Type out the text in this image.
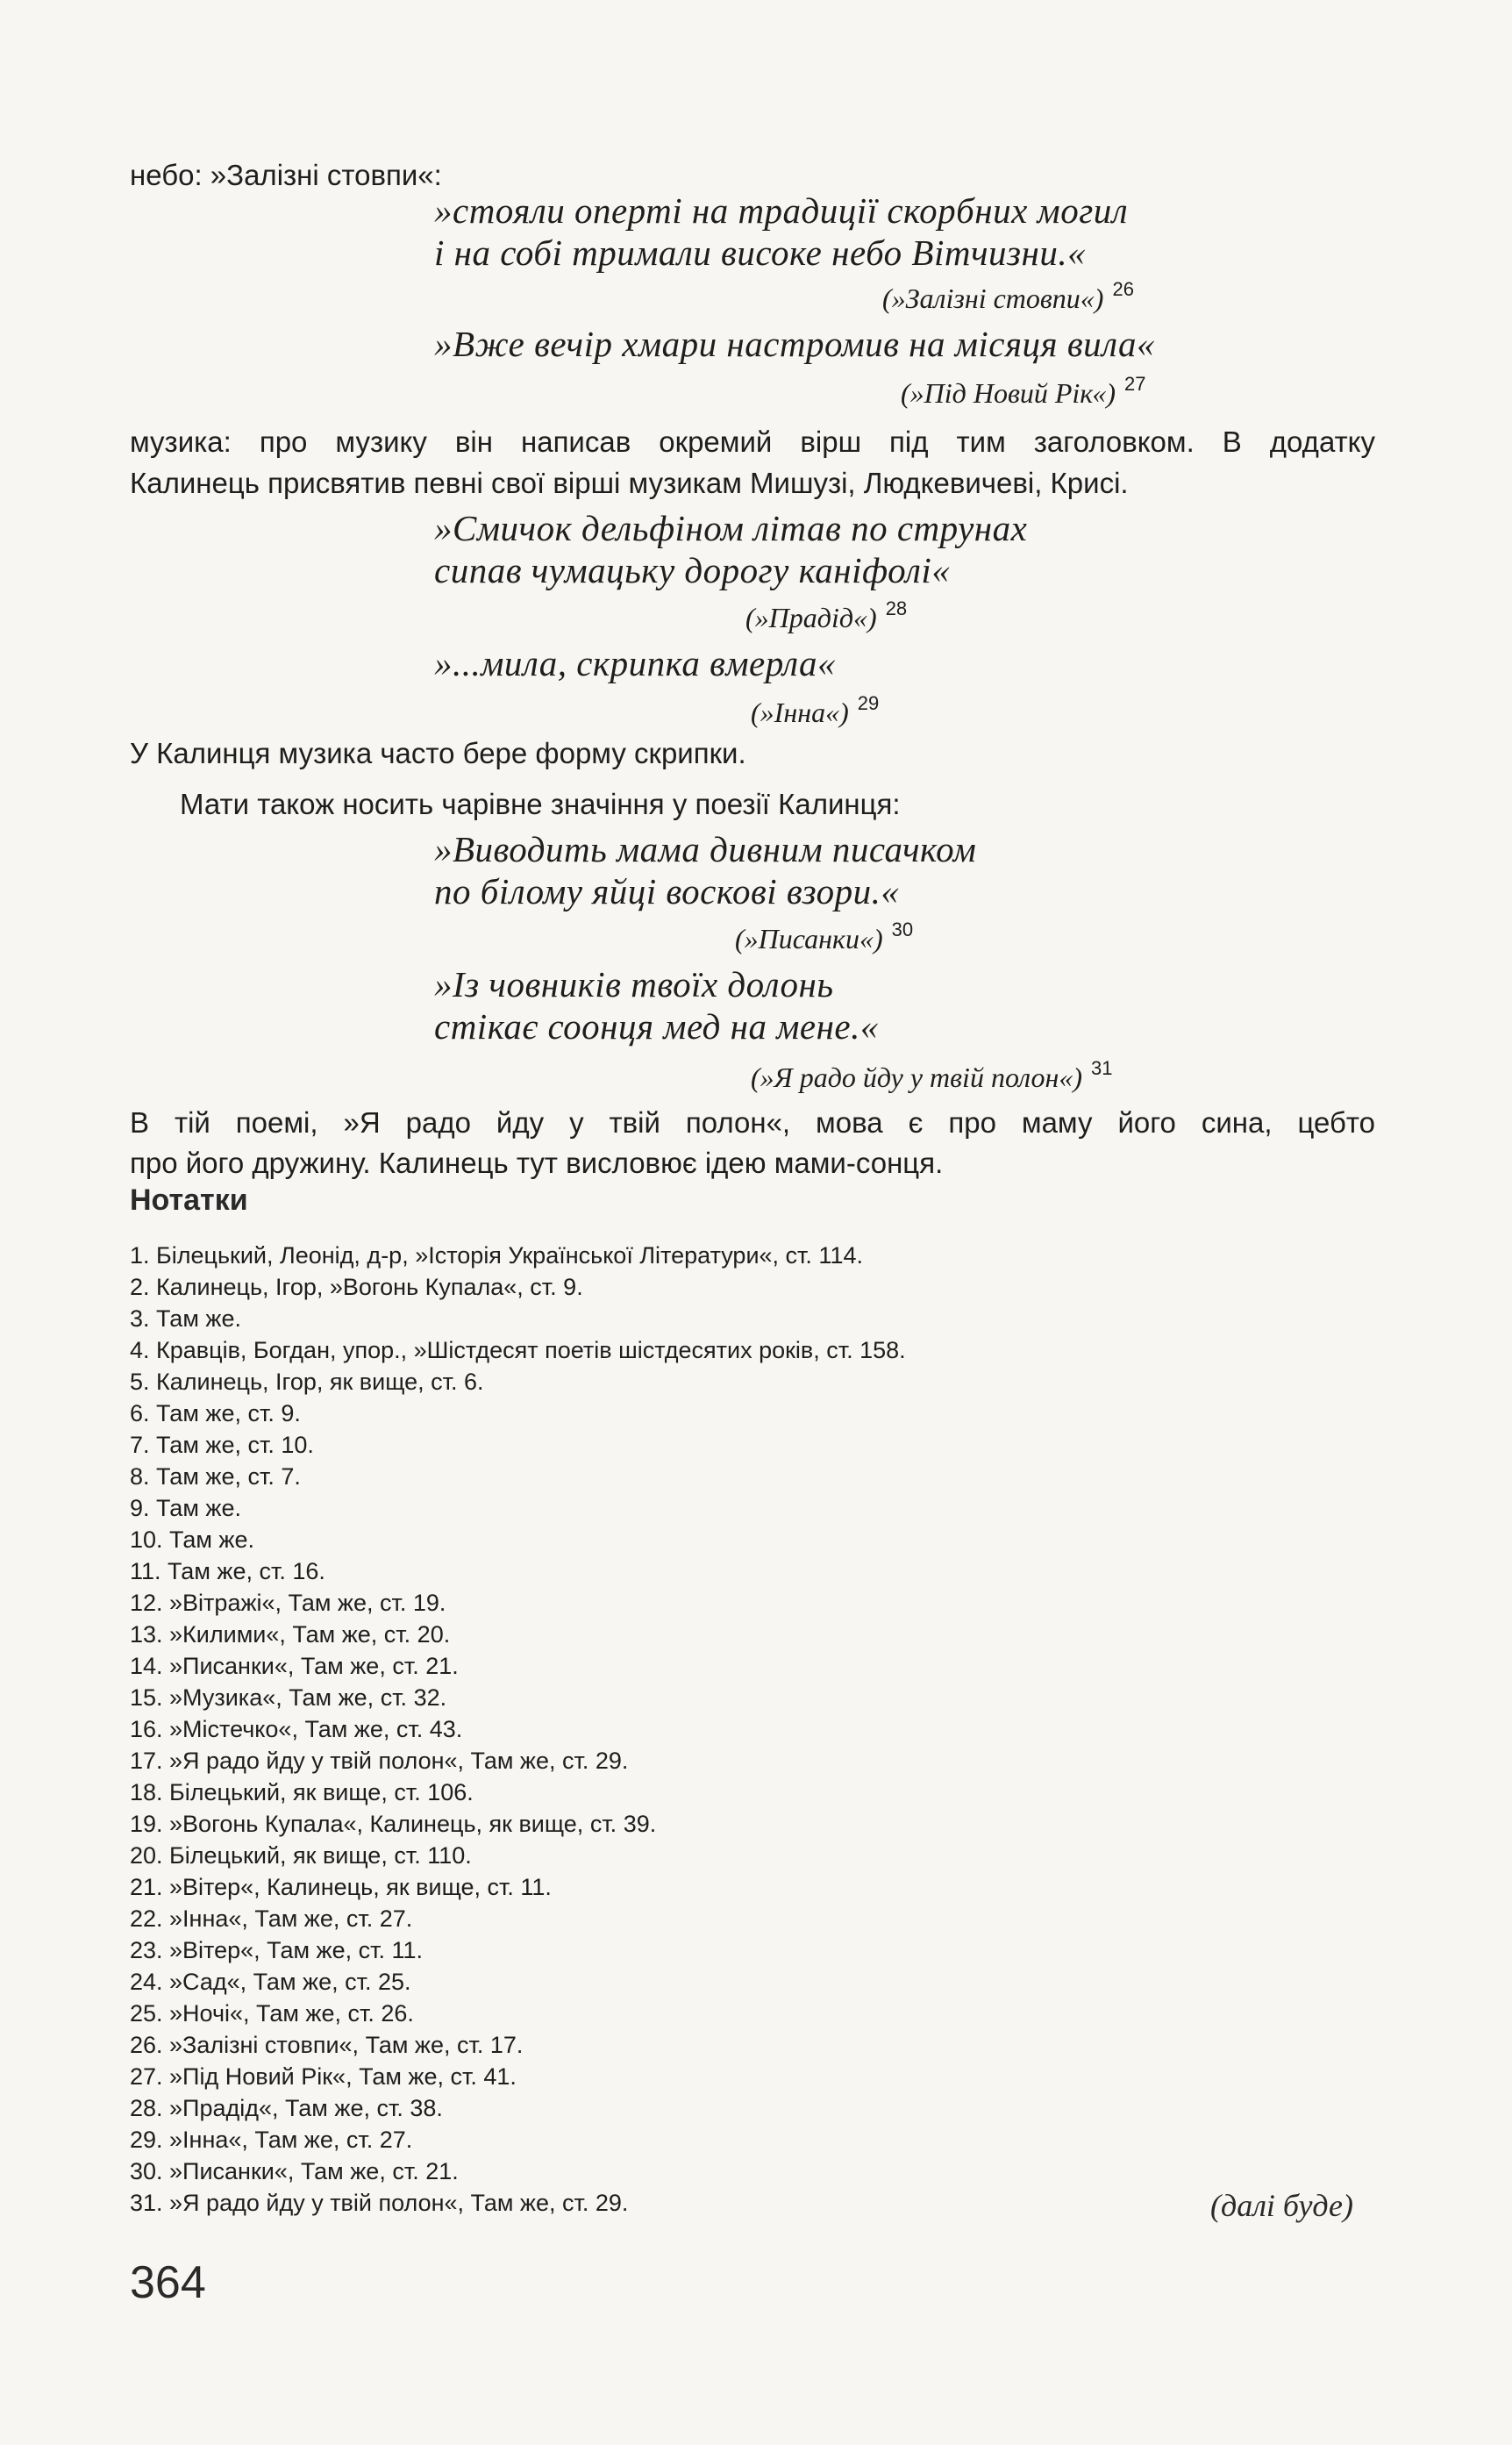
небо: »Залізні стовпи«:
»стояли оперті на традиції скорбних могил
і на собі тримали високе небо Вітчизни.«
(»Залізні стовпи«) $^{26}$
»Вже вечір хмари настромив на місяця вила«
(»Під Новий Рік«) $^{27}$
музика: про музику він написав окремий вірш під тим заголовком. В додатку
Калинець присвятив певні свої вірші музикам Мишузі, Людкевичеві, Крисі.
»Смичок дельфіном літав по струнах
сипав чумацьку дорогу каніфолі«
(»Прадід«) $^{28}$
»...мила, скрипка вмерла«
(»Інна«) $^{29}$
У Калинця музика часто бере форму скрипки.
Мати також носить чарівне значіння у поезії Калинця:
»Виводить мама дивним писачком
по білому яйці воскові взори.«
(»Писанки«) $^{30}$
»Із човників твоїх долонь
стікає соонця мед на мене.«
(»Я радо йду у твій полон«) $^{31}$
В тій поемі, »Я радо йду у твій полон«, мова є про маму його сина, цебто
про його дружину. Калинець тут висловює ідею мами-сонця.
Нотатки
1. Білецький, Леонід, д-р, »Історія Української Літератури«, ст. 114.
2. Калинець, Ігор, »Вогонь Купала«, ст. 9.
3. Там же.
4. Кравців, Богдан, упор., »Шістдесят поетів шістдесятих років, ст. 158.
5. Калинець, Ігор, як вище, ст. 6.
6. Там же, ст. 9.
7. Там же, ст. 10.
8. Там же, ст. 7.
9. Там же.
10. Там же.
11. Там же, ст. 16.
12. »Вітражі«, Там же, ст. 19.
13. »Килими«, Там же, ст. 20.
14. »Писанки«, Там же, ст. 21.
15. »Музика«, Там же, ст. 32.
16. »Містечко«, Там же, ст. 43.
17. »Я радо йду у твій полон«, Там же, ст. 29.
18. Білецький, як вище, ст. 106.
19. »Вогонь Купала«, Калинець, як вище, ст. 39.
20. Білецький, як вище, ст. 110.
21. »Вітер«, Калинець, як вище, ст. 11.
22. »Інна«, Там же, ст. 27.
23. »Вітер«, Там же, ст. 11.
24. »Сад«, Там же, ст. 25.
25. »Ночі«, Там же, ст. 26.
26. »Залізні стовпи«, Там же, ст. 17.
27. »Під Новий Рік«, Там же, ст. 41.
28. »Прадід«, Там же, ст. 38.
29. »Інна«, Там же, ст. 27.
30. »Писанки«, Там же, ст. 21.
31. »Я радо йду у твій полон«, Там же, ст. 29.	(далі буде)
364
